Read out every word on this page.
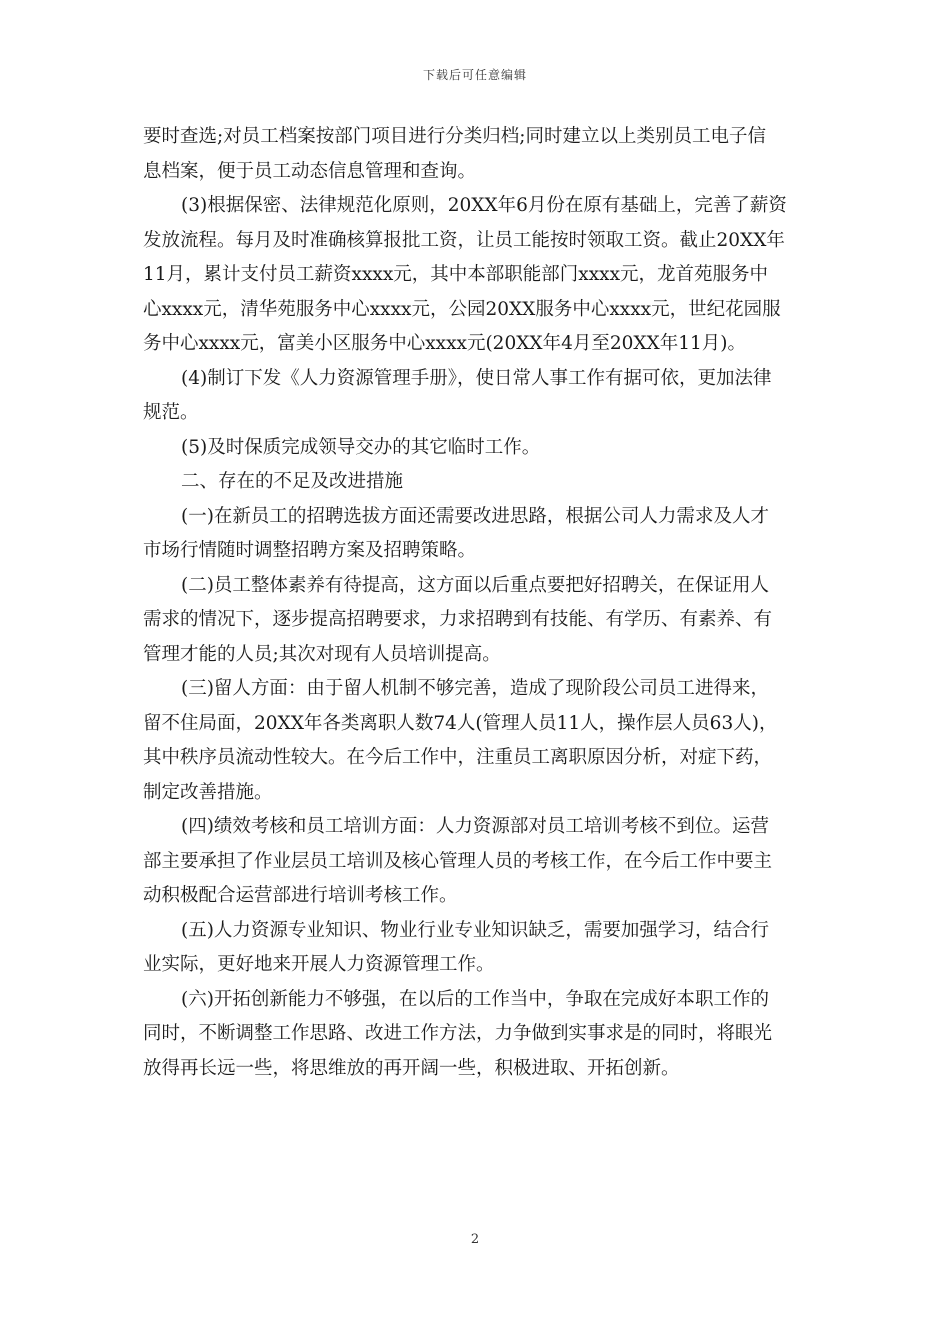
下载后可任意编辑
要时查选;对员工档案按部门项目进行分类归档;同时建立以上类别员工电子信
息档案，便于员工动态信息管理和查询。
(3)根据保密、法律规范化原则，20XX年6月份在原有基础上，完善了薪资
发放流程。每月及时准确核算报批工资，让员工能按时领取工资。截止20XX年
11月，累计支付员工薪资xxxx元，其中本部职能部门xxxx元，龙首苑服务中
心xxxx元，清华苑服务中心xxxx元，公园20XX服务中心xxxx元，世纪花园服
务中心xxxx元，富美小区服务中心xxxx元(20XX年4月至20XX年11月)。
(4)制订下发《人力资源管理手册》，使日常人事工作有据可依，更加法律
规范。
(5)及时保质完成领导交办的其它临时工作。
二、存在的不足及改进措施
(一)在新员工的招聘选拔方面还需要改进思路，根据公司人力需求及人才
市场行情随时调整招聘方案及招聘策略。
(二)员工整体素养有待提高，这方面以后重点要把好招聘关，在保证用人
需求的情况下，逐步提高招聘要求，力求招聘到有技能、有学历、有素养、有
管理才能的人员;其次对现有人员培训提高。
(三)留人方面：由于留人机制不够完善，造成了现阶段公司员工进得来，
留不住局面，20XX年各类离职人数74人(管理人员11人，操作层人员63人)，
其中秩序员流动性较大。在今后工作中，注重员工离职原因分析，对症下药，
制定改善措施。
(四)绩效考核和员工培训方面：人力资源部对员工培训考核不到位。运营
部主要承担了作业层员工培训及核心管理人员的考核工作，在今后工作中要主
动积极配合运营部进行培训考核工作。
(五)人力资源专业知识、物业行业专业知识缺乏，需要加强学习，结合行
业实际，更好地来开展人力资源管理工作。
(六)开拓创新能力不够强，在以后的工作当中，争取在完成好本职工作的
同时，不断调整工作思路、改进工作方法，力争做到实事求是的同时，将眼光
放得再长远一些，将思维放的再开阔一些，积极进取、开拓创新。
2
